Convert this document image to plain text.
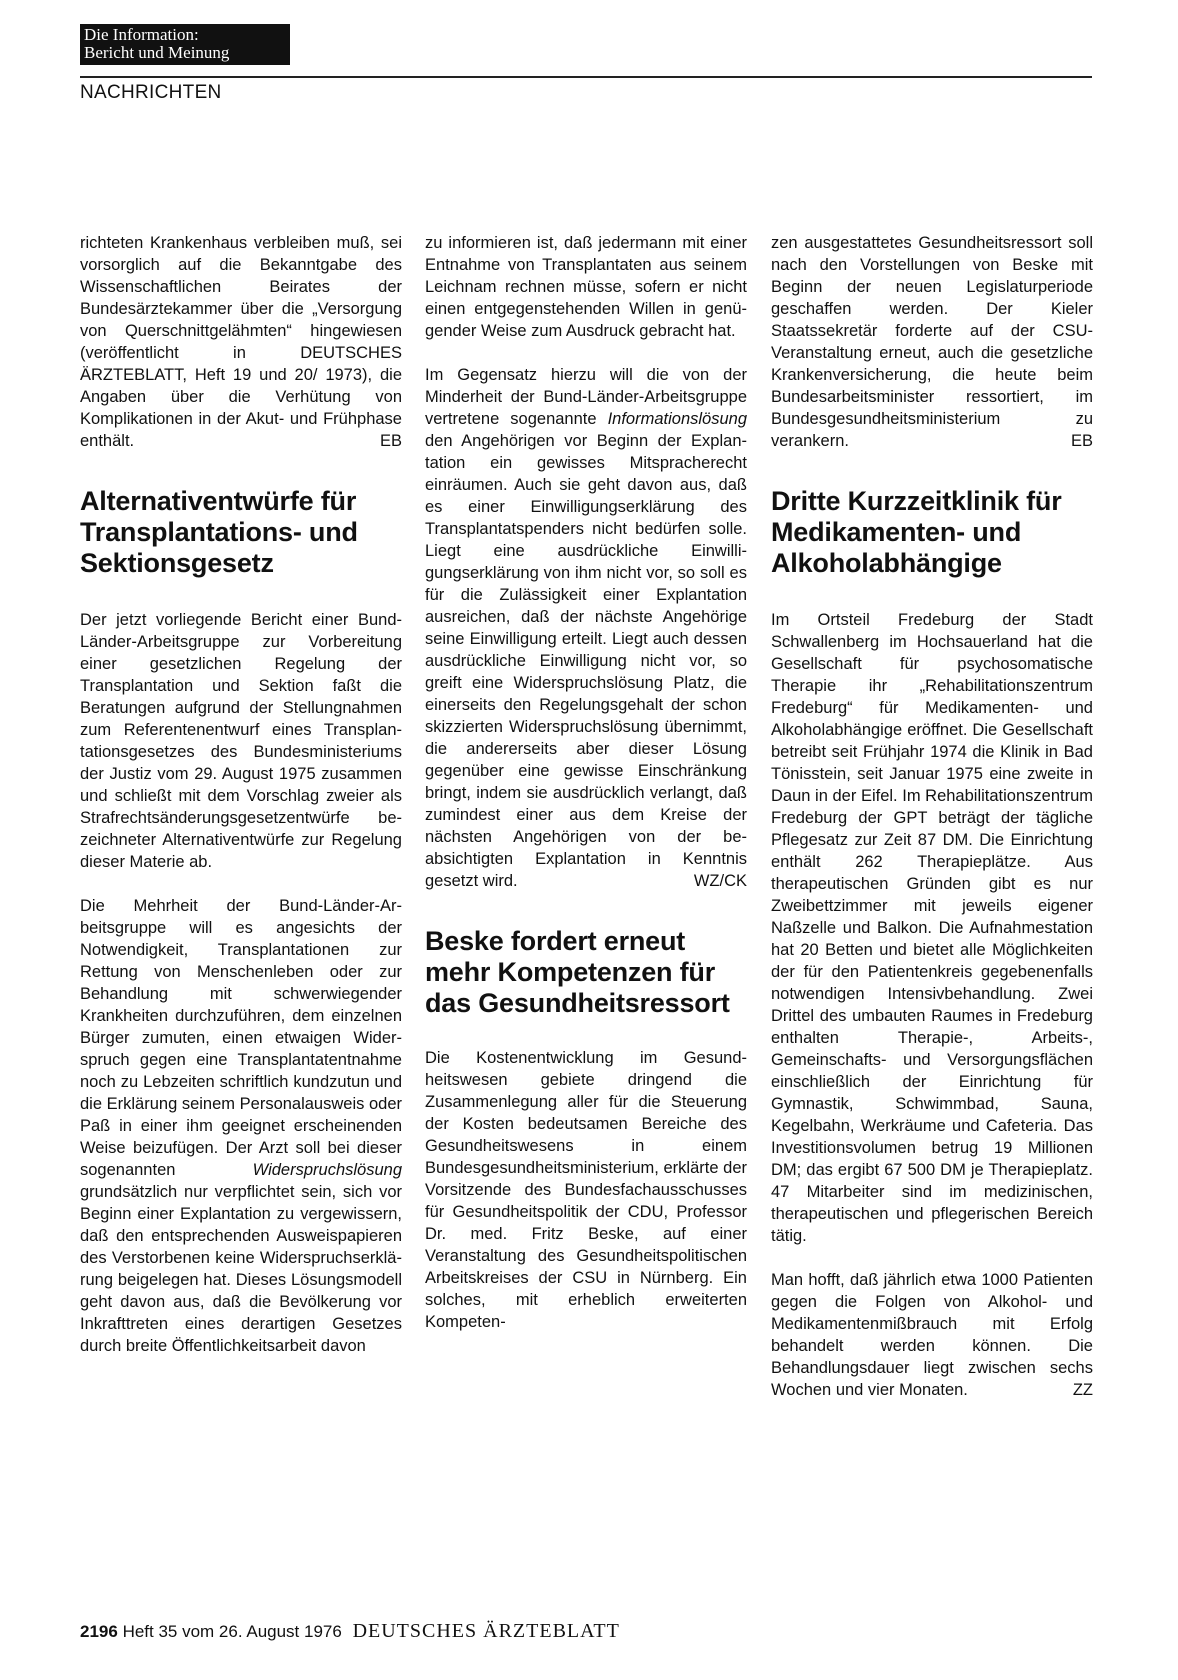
Die Information:
Bericht und Meinung
NACHRICHTEN

richteten Krankenhaus verbleiben muß, sei vorsorglich auf die Bekanntgabe des Wissenschaftlichen Beirates der Bundesärztekammer über die „Versorgung von Querschnittgelähmten“ hingewiesen (veröffentlicht in DEUTSCHES ÄRZTEBLATT, Heft 19 und 20/ 1973), die Angaben über die Verhütung von Komplikationen in der Akut- und Frühphase enthält.	EB

Alternativentwürfe für Transplantations- und Sektionsgesetz

Der jetzt vorliegende Bericht einer Bund-Länder-Arbeitsgruppe zur Vorbereitung einer gesetzlichen Regelung der Transplantation und Sektion faßt die Beratungen aufgrund der Stellungnahmen zum Referentenentwurf eines Transplantationsgesetzes des Bundesministeriums der Justiz vom 29. August 1975 zusammen und schließt mit dem Vorschlag zweier als Strafrechtsänderungsgesetzentwürfe bezeichneter Alternativentwürfe zur Regelung dieser Materie ab.

Die Mehrheit der Bund-Länder-Arbeitsgruppe will es angesichts der Notwendigkeit, Transplantationen zur Rettung von Menschenleben oder zur Behandlung mit schwerwiegender Krankheiten durchzuführen, dem einzelnen Bürger zumuten, einen etwaigen Widerspruch gegen eine Transplantatentnahme noch zu Lebzeiten schriftlich kundzutun und die Erklärung seinem Personalausweis oder Paß in einer ihm geeignet erscheinenden Weise beizufügen. Der Arzt soll bei dieser sogenannten	Widerspruchslösung grundsätzlich nur verpflichtet sein, sich vor Beginn einer Explantation zu vergewissern, daß den entsprechenden Ausweispapieren des Verstorbenen keine Widerspruchserklärung beigelegen hat. Dieses Lösungsmodell geht davon aus, daß die Bevölkerung vor Inkrafttreten eines derartigen Gesetzes durch breite Öffentlichkeitsarbeit davon

zu informieren ist, daß jedermann mit einer Entnahme von Transplantaten aus seinem Leichnam rechnen müsse, sofern er nicht einen entgegenstehenden Willen in genügender Weise zum Ausdruck gebracht hat.

Im Gegensatz hierzu will die von der Minderheit der Bund-Länder-Arbeitsgruppe vertretene sogenannte Informationslösung den Angehörigen vor Beginn der Explantation ein gewisses Mitspracherecht einräumen. Auch sie geht davon aus, daß es einer Einwilligungserklärung des Transplantatspenders nicht bedürfen solle. Liegt eine ausdrückliche Einwilligungserklärung von ihm nicht vor, so soll es für die Zulässigkeit einer Explantation ausreichen, daß der nächste Angehörige seine Einwilligung erteilt. Liegt auch dessen ausdrückliche Einwilligung nicht vor, so greift eine Widerspruchslösung Platz, die einerseits den Regelungsgehalt der schon skizzierten Widerspruchslösung übernimmt, die andererseits aber dieser Lösung gegenüber eine gewisse Einschränkung bringt, indem sie ausdrücklich verlangt, daß zumindest einer aus dem Kreise der nächsten Angehörigen von der beabsichtigten Explantation in Kenntnis gesetzt wird.	WZ/CK

Beske fordert erneut mehr Kompetenzen für das Gesundheitsressort

Die Kostenentwicklung im Gesundheitswesen gebiete dringend die Zusammenlegung aller für die Steuerung der Kosten bedeutsamen Bereiche des Gesundheitswesens in einem Bundesgesundheitsministerium, erklärte der Vorsitzende des Bundesfachausschusses für Gesundheitspolitik der CDU, Professor Dr. med. Fritz Beske, auf einer Veranstaltung des Gesundheitspolitischen Arbeitskreises der CSU in Nürnberg. Ein solches, mit erheblich erweiterten Kompeten-

zen ausgestattetes Gesundheitsressort soll nach den Vorstellungen von Beske mit Beginn der neuen Legislaturperiode geschaffen werden. Der Kieler Staatssekretär forderte auf der CSU-Veranstaltung erneut, auch die gesetzliche Krankenversicherung, die heute beim Bundesarbeitsminister ressortiert, im Bundesgesundheitsministerium zu verankern.	EB

Dritte Kurzzeitklinik für Medikamenten- und Alkoholabhängige

Im Ortsteil Fredeburg der Stadt Schwallenberg im Hochsauerland hat die Gesellschaft für psychosomatische Therapie ihr „Rehabilitationszentrum Fredeburg“ für Medikamenten- und Alkoholabhängige eröffnet. Die Gesellschaft betreibt seit Frühjahr 1974 die Klinik in Bad Tönisstein, seit Januar 1975 eine zweite in Daun in der Eifel. Im Rehabilitationszentrum Fredeburg der GPT beträgt der tägliche Pflegesatz zur Zeit 87 DM. Die Einrichtung enthält 262 Therapieplätze. Aus therapeutischen Gründen gibt es nur Zweibettzimmer mit jeweils eigener Naßzelle und Balkon. Die Aufnahmestation hat 20 Betten und bietet alle Möglichkeiten der für den Patientenkreis gegebenenfalls notwendigen Intensivbehandlung. Zwei Drittel des umbauten Raumes in Fredeburg enthalten Therapie-, Arbeits-, Gemeinschafts- und Versorgungsflächen einschließlich der Einrichtung für Gymnastik, Schwimmbad, Sauna, Kegelbahn, Werkräume und Cafeteria. Das Investitionsvolumen betrug 19 Millionen DM; das ergibt 67 500 DM je Therapieplatz. 47 Mitarbeiter sind im medizinischen, therapeutischen und pflegerischen Bereich tätig.

Man hofft, daß jährlich etwa 1000 Patienten gegen die Folgen von Alkohol- und Medikamentenmißbrauch mit Erfolg behandelt werden können. Die Behandlungsdauer liegt zwischen sechs Wochen und vier Monaten.	ZZ

2196 Heft 35 vom 26. August 1976 DEUTSCHES ÄRZTEBLATT
